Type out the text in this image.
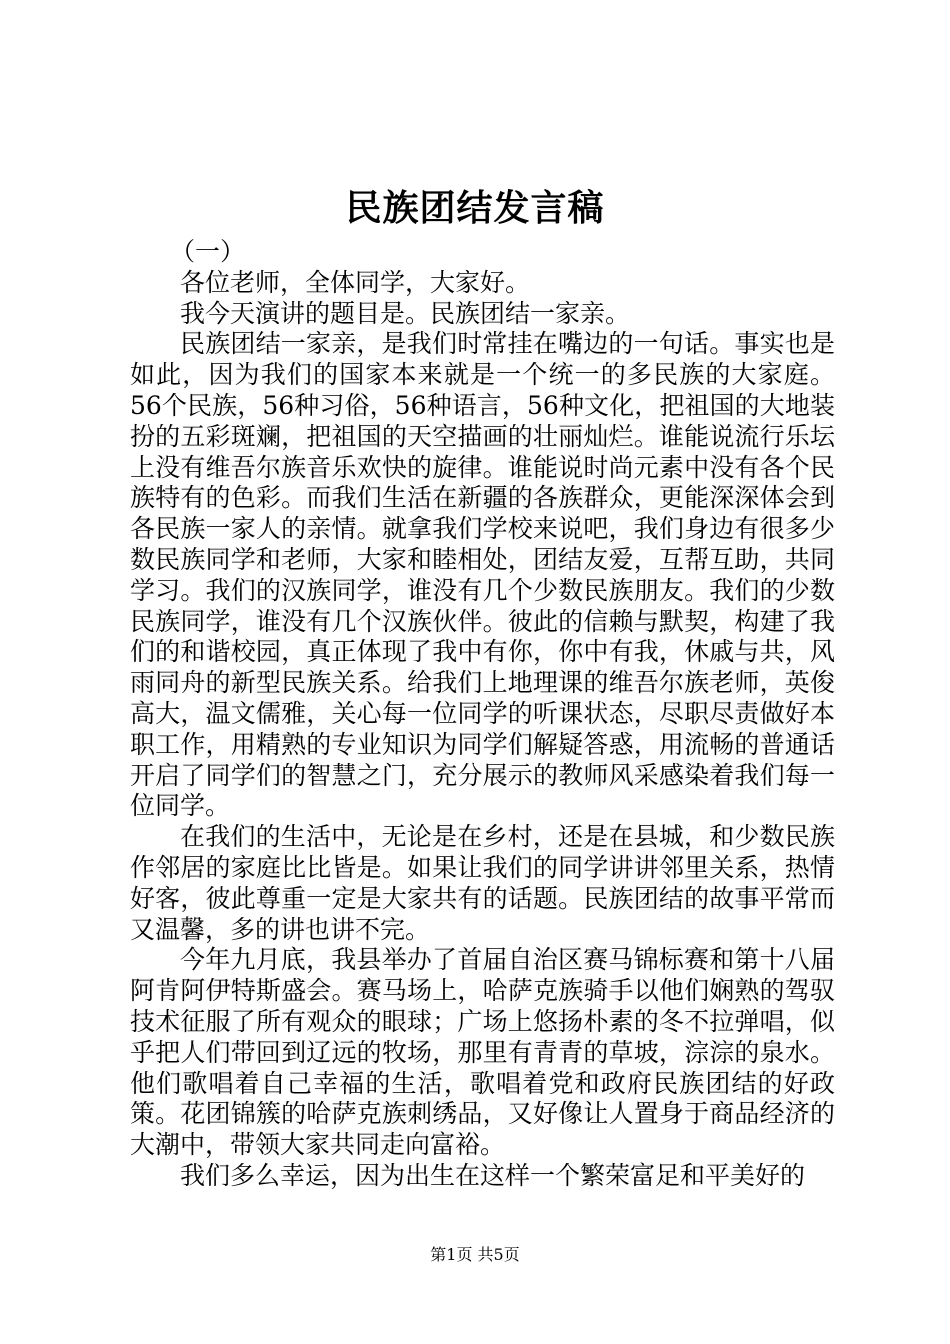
民族团结发言稿

（一）

各位老师，全体同学，大家好。

我今天演讲的题目是。民族团结一家亲。

民族团结一家亲，是我们时常挂在嘴边的一句话。事实也是如此，因为我们的国家本来就是一个统一的多民族的大家庭。56个民族，56种习俗，56种语言，56种文化，把祖国的大地装扮的五彩斑斓，把祖国的天空描画的壮丽灿烂。谁能说流行乐坛上没有维吾尔族音乐欢快的旋律。谁能说时尚元素中没有各个民族特有的色彩。而我们生活在新疆的各族群众，更能深深体会到各民族一家人的亲情。就拿我们学校来说吧，我们身边有很多少数民族同学和老师，大家和睦相处，团结友爱，互帮互助，共同学习。我们的汉族同学，谁没有几个少数民族朋友。我们的少数民族同学，谁没有几个汉族伙伴。彼此的信赖与默契，构建了我们的和谐校园，真正体现了我中有你，你中有我，休戚与共，风雨同舟的新型民族关系。给我们上地理课的维吾尔族老师，英俊高大，温文儒雅，关心每一位同学的听课状态，尽职尽责做好本职工作，用精熟的专业知识为同学们解疑答惑，用流畅的普通话开启了同学们的智慧之门，充分展示的教师风采感染着我们每一位同学。

在我们的生活中，无论是在乡村，还是在县城，和少数民族作邻居的家庭比比皆是。如果让我们的同学讲讲邻里关系，热情好客，彼此尊重一定是大家共有的话题。民族团结的故事平常而又温馨，多的讲也讲不完。

今年九月底，我县举办了首届自治区赛马锦标赛和第十八届阿肯阿伊特斯盛会。赛马场上，哈萨克族骑手以他们娴熟的驾驭技术征服了所有观众的眼球；广场上悠扬朴素的冬不拉弹唱，似乎把人们带回到辽远的牧场，那里有青青的草坡，淙淙的泉水。他们歌唱着自己幸福的生活，歌唱着党和政府民族团结的好政策。花团锦簇的哈萨克族刺绣品，又好像让人置身于商品经济的大潮中，带领大家共同走向富裕。

我们多么幸运，因为出生在这样一个繁荣富足和平美好的

第1页 共5页
